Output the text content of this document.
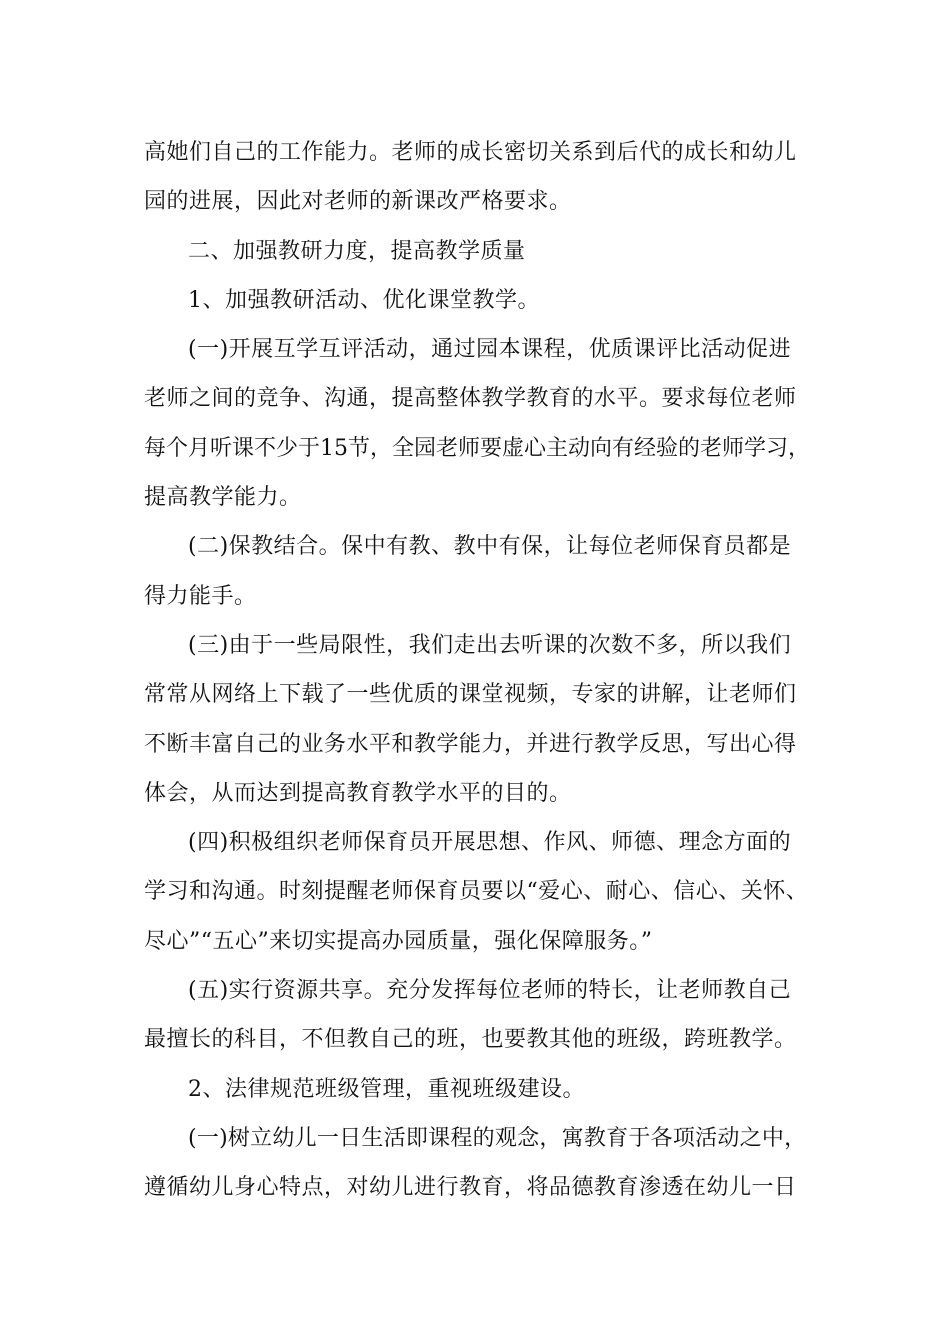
高她们自己的工作能力。老师的成长密切关系到后代的成长和幼儿
园的进展，因此对老师的新课改严格要求。
二、加强教研力度，提高教学质量
1、加强教研活动、优化课堂教学。
(一)开展互学互评活动，通过园本课程，优质课评比活动促进
老师之间的竞争、沟通，提高整体教学教育的水平。要求每位老师
每个月听课不少于15节，全园老师要虚心主动向有经验的老师学习，
提高教学能力。
(二)保教结合。保中有教、教中有保，让每位老师保育员都是
得力能手。
(三)由于一些局限性，我们走出去听课的次数不多，所以我们
常常从网络上下载了一些优质的课堂视频，专家的讲解，让老师们
不断丰富自己的业务水平和教学能力，并进行教学反思，写出心得
体会，从而达到提高教育教学水平的目的。
(四)积极组织老师保育员开展思想、作风、师德、理念方面的
学习和沟通。时刻提醒老师保育员要以“爱心、耐心、信心、关怀、
尽心”“五心”来切实提高办园质量，强化保障服务。”
(五)实行资源共享。充分发挥每位老师的特长，让老师教自己
最擅长的科目，不但教自己的班，也要教其他的班级，跨班教学。
2、法律规范班级管理，重视班级建设。
(一)树立幼儿一日生活即课程的观念，寓教育于各项活动之中，
遵循幼儿身心特点，对幼儿进行教育，将品德教育渗透在幼儿一日
